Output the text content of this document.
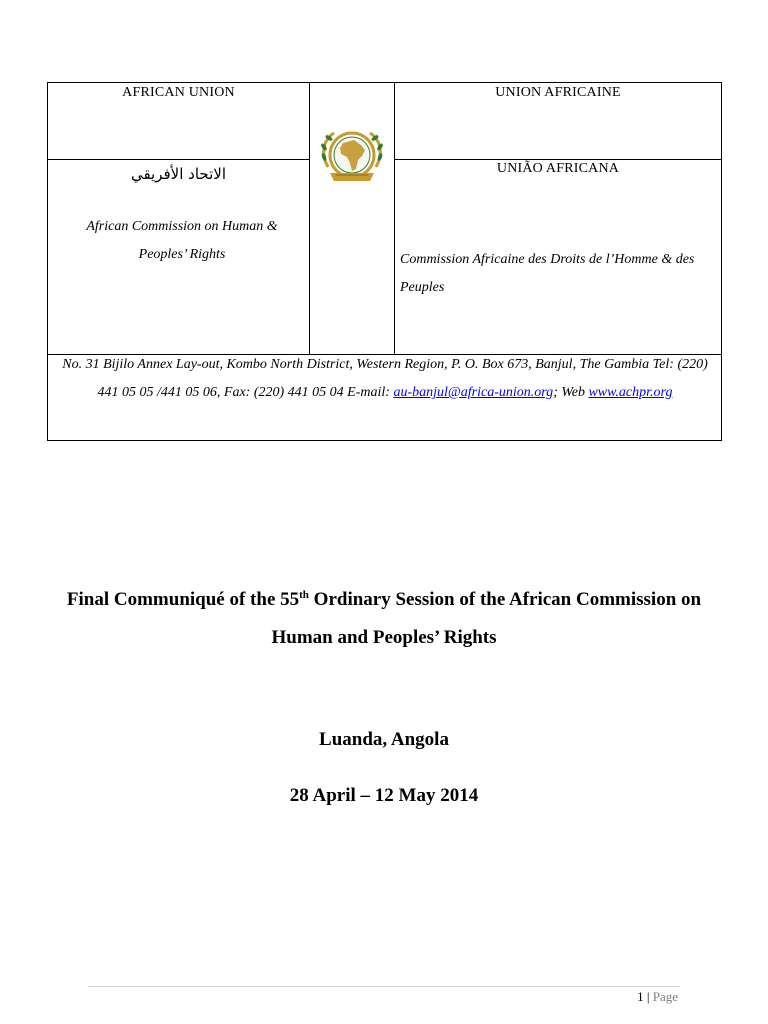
AFRICAN UNION	UNION AFRICAINE
الاتحاد الأفريقي
African Commission on Human & Peoples’ Rights
UNIÃO AFRICANA
Commission Africaine des Droits de l’Homme & des Peuples
No. 31 Bijilo Annex Lay-out, Kombo North District, Western Region, P. O. Box 673, Banjul, The Gambia Tel: (220) 441 05 05 /441 05 06, Fax: (220) 441 05 04 E-mail: au-banjul@africa-union.org; Web www.achpr.org
Final Communiqué of the 55th Ordinary Session of the African Commission on Human and Peoples’ Rights
Luanda, Angola
28 April – 12 May 2014
1 | Page
